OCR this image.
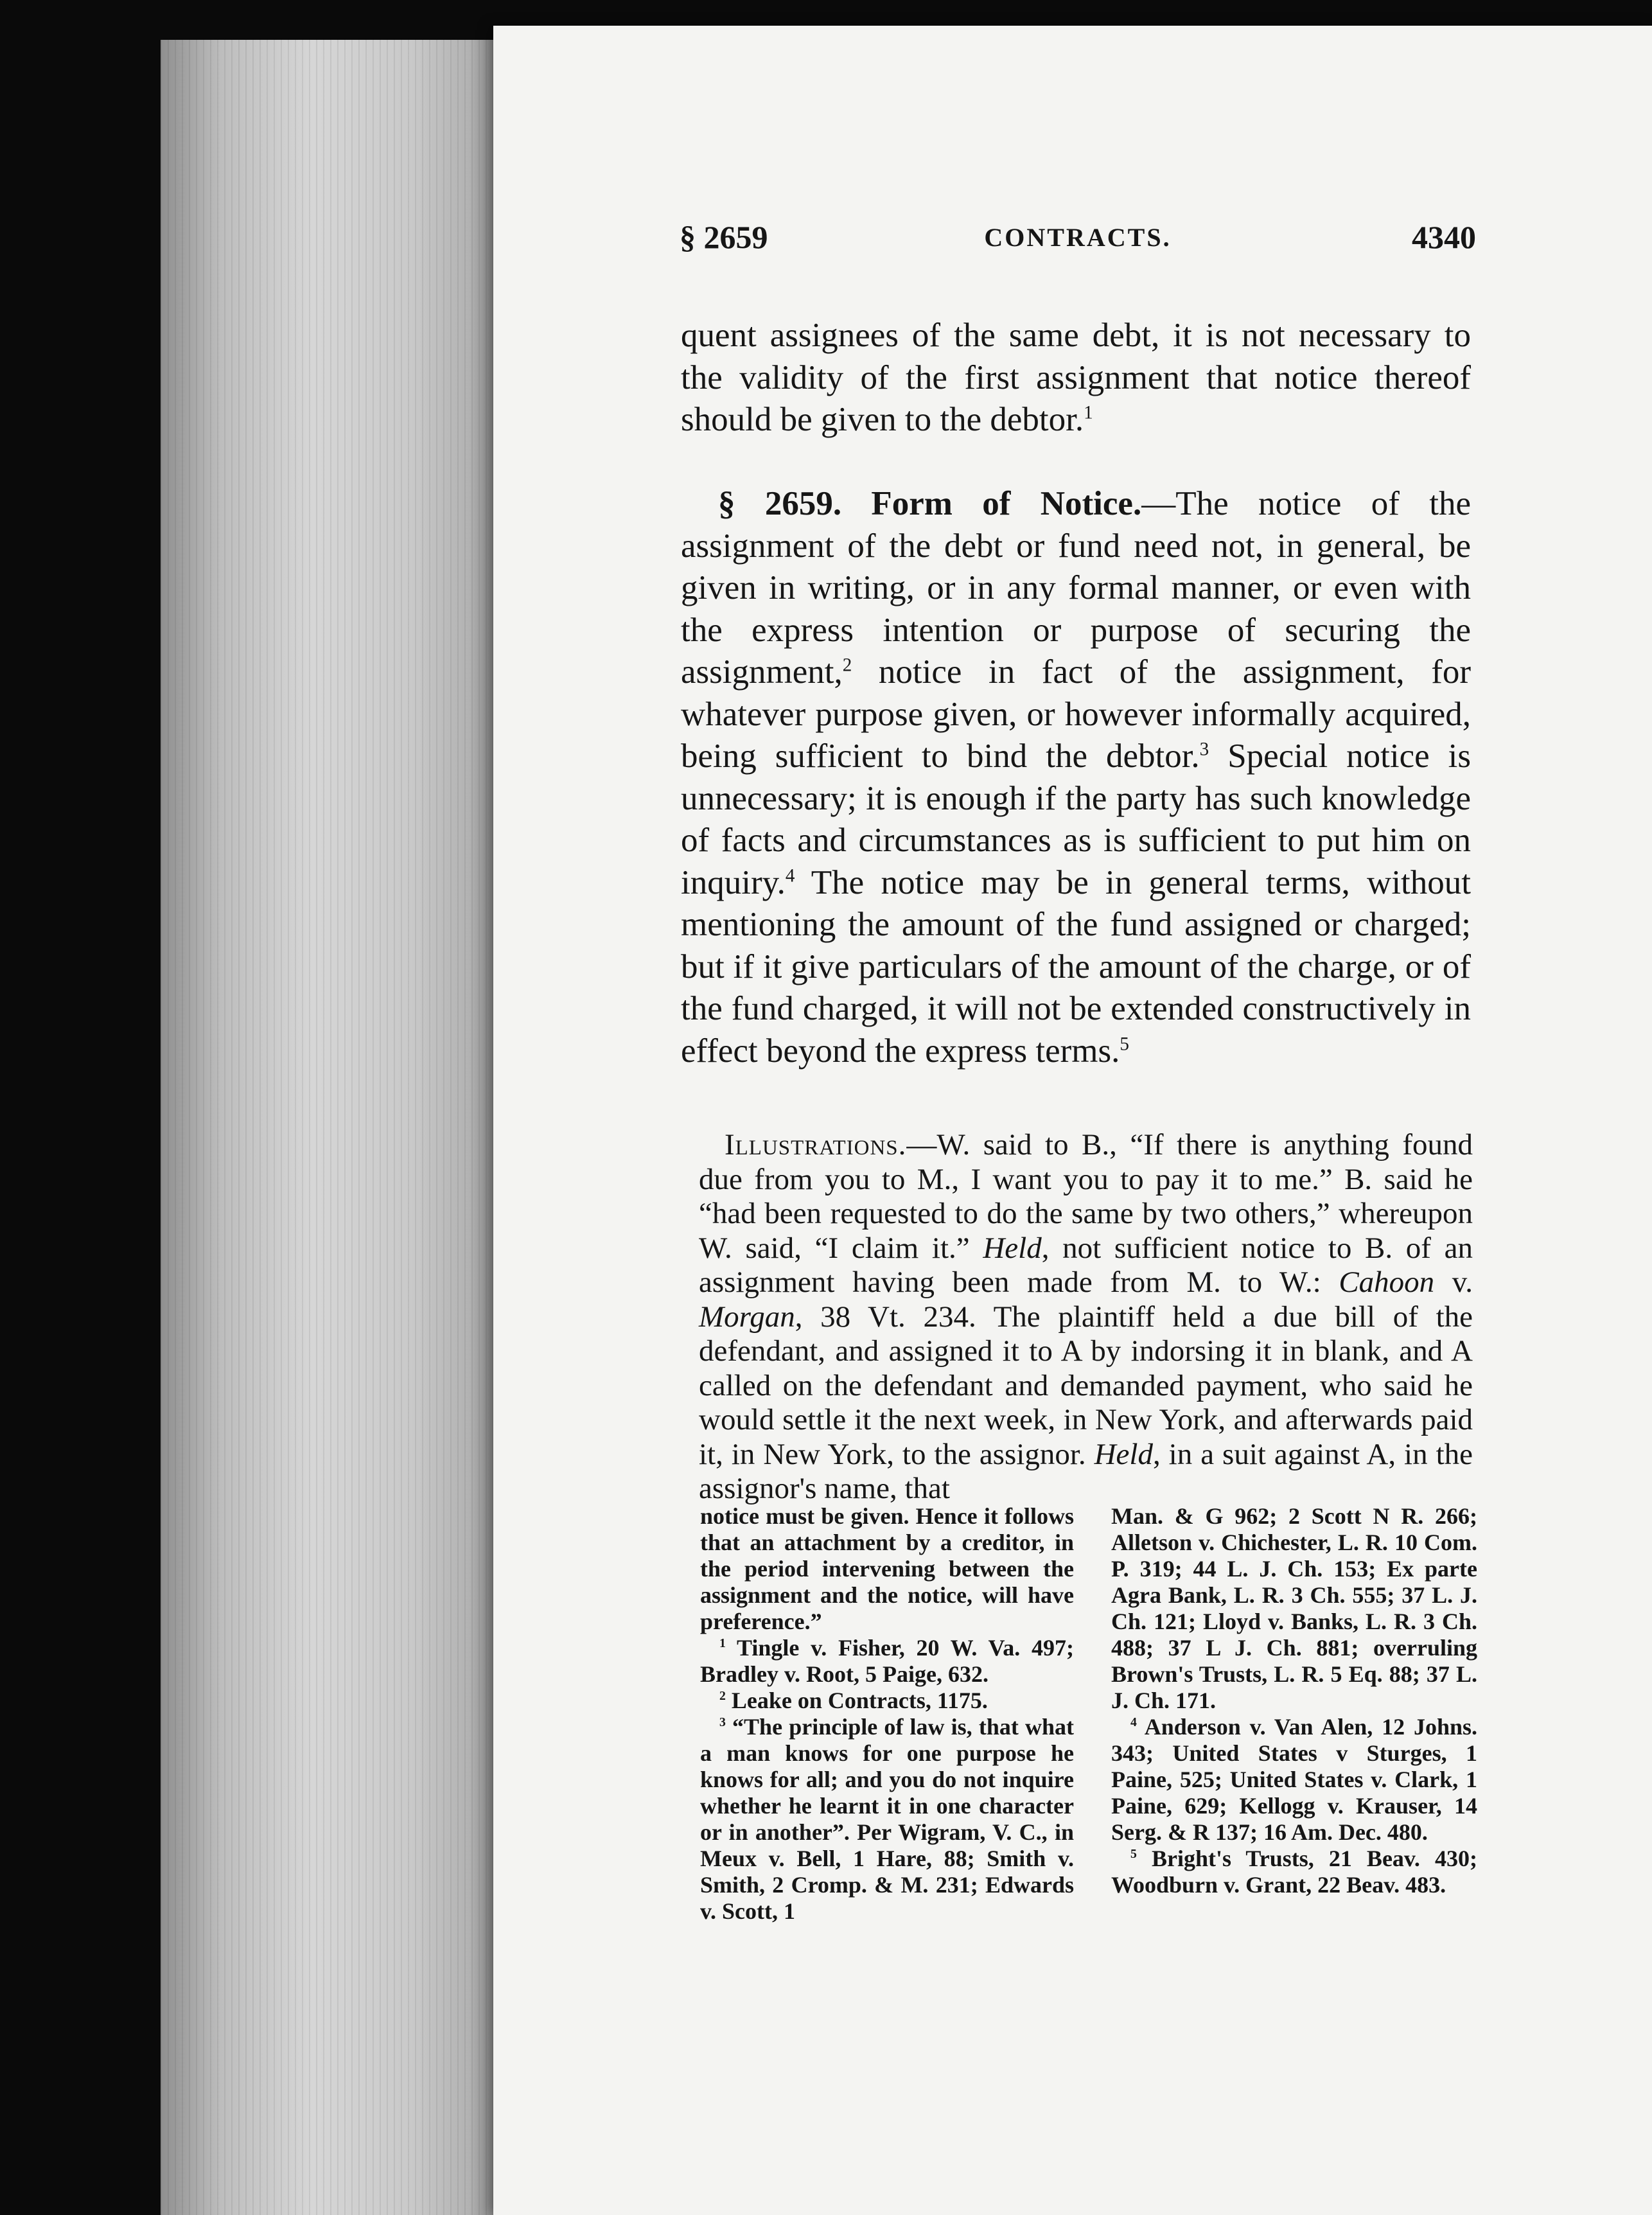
§ 2659	CONTRACTS.	4340

quent assignees of the same debt, it is not necessary to the validity of the first assignment that notice thereof should be given to the debtor.$^1$

§ 2659. Form of Notice.—The notice of the assignment of the debt or fund need not, in general, be given in writing, or in any formal manner, or even with the express intention or purpose of securing the assignment,$^2$ notice in fact of the assignment, for whatever purpose given, or however informally acquired, being sufficient to bind the debtor.$^3$ Special notice is unnecessary; it is enough if the party has such knowledge of facts and circumstances as is sufficient to put him on inquiry.$^4$ The notice may be in general terms, without mentioning the amount of the fund assigned or charged; but if it give particulars of the amount of the charge, or of the fund charged, it will not be extended constructively in effect beyond the express terms.$^5$

Illustrations.—W. said to B., “If there is anything found due from you to M., I want you to pay it to me.” B. said he “had been requested to do the same by two others,” whereupon W. said, “I claim it.” Held, not sufficient notice to B. of an assignment having been made from M. to W.: Cahoon v. Morgan, 38 Vt. 234. The plaintiff held a due bill of the defendant, and assigned it to A by indorsing it in blank, and A called on the defendant and demanded payment, who said he would settle it the next week, in New York, and afterwards paid it, in New York, to the assignor. Held, in a suit against A, in the assignor's name, that

notice must be given. Hence it follows that an attachment by a creditor, in the period intervening between the assignment and the notice, will have preference.”

$^1$ Tingle v. Fisher, 20 W. Va. 497; Bradley v. Root, 5 Paige, 632.

$^2$ Leake on Contracts, 1175.

$^3$ “The principle of law is, that what a man knows for one purpose he knows for all; and you do not inquire whether he learnt it in one character or in another”. Per Wigram, V. C., in Meux v. Bell, 1 Hare, 88; Smith v. Smith, 2 Cromp. & M. 231; Edwards v. Scott, 1

Man. & G 962; 2 Scott N R. 266; Alletson v. Chichester, L. R. 10 Com. P. 319; 44 L. J. Ch. 153; Ex parte Agra Bank, L. R. 3 Ch. 555; 37 L. J. Ch. 121; Lloyd v. Banks, L. R. 3 Ch. 488; 37 L J. Ch. 881; overruling Brown's Trusts, L. R. 5 Eq. 88; 37 L. J. Ch. 171.

$^4$ Anderson v. Van Alen, 12 Johns. 343; United States v Sturges, 1 Paine, 525; United States v. Clark, 1 Paine, 629; Kellogg v. Krauser, 14 Serg. & R 137; 16 Am. Dec. 480.

$^5$ Bright's Trusts, 21 Beav. 430; Woodburn v. Grant, 22 Beav. 483.
